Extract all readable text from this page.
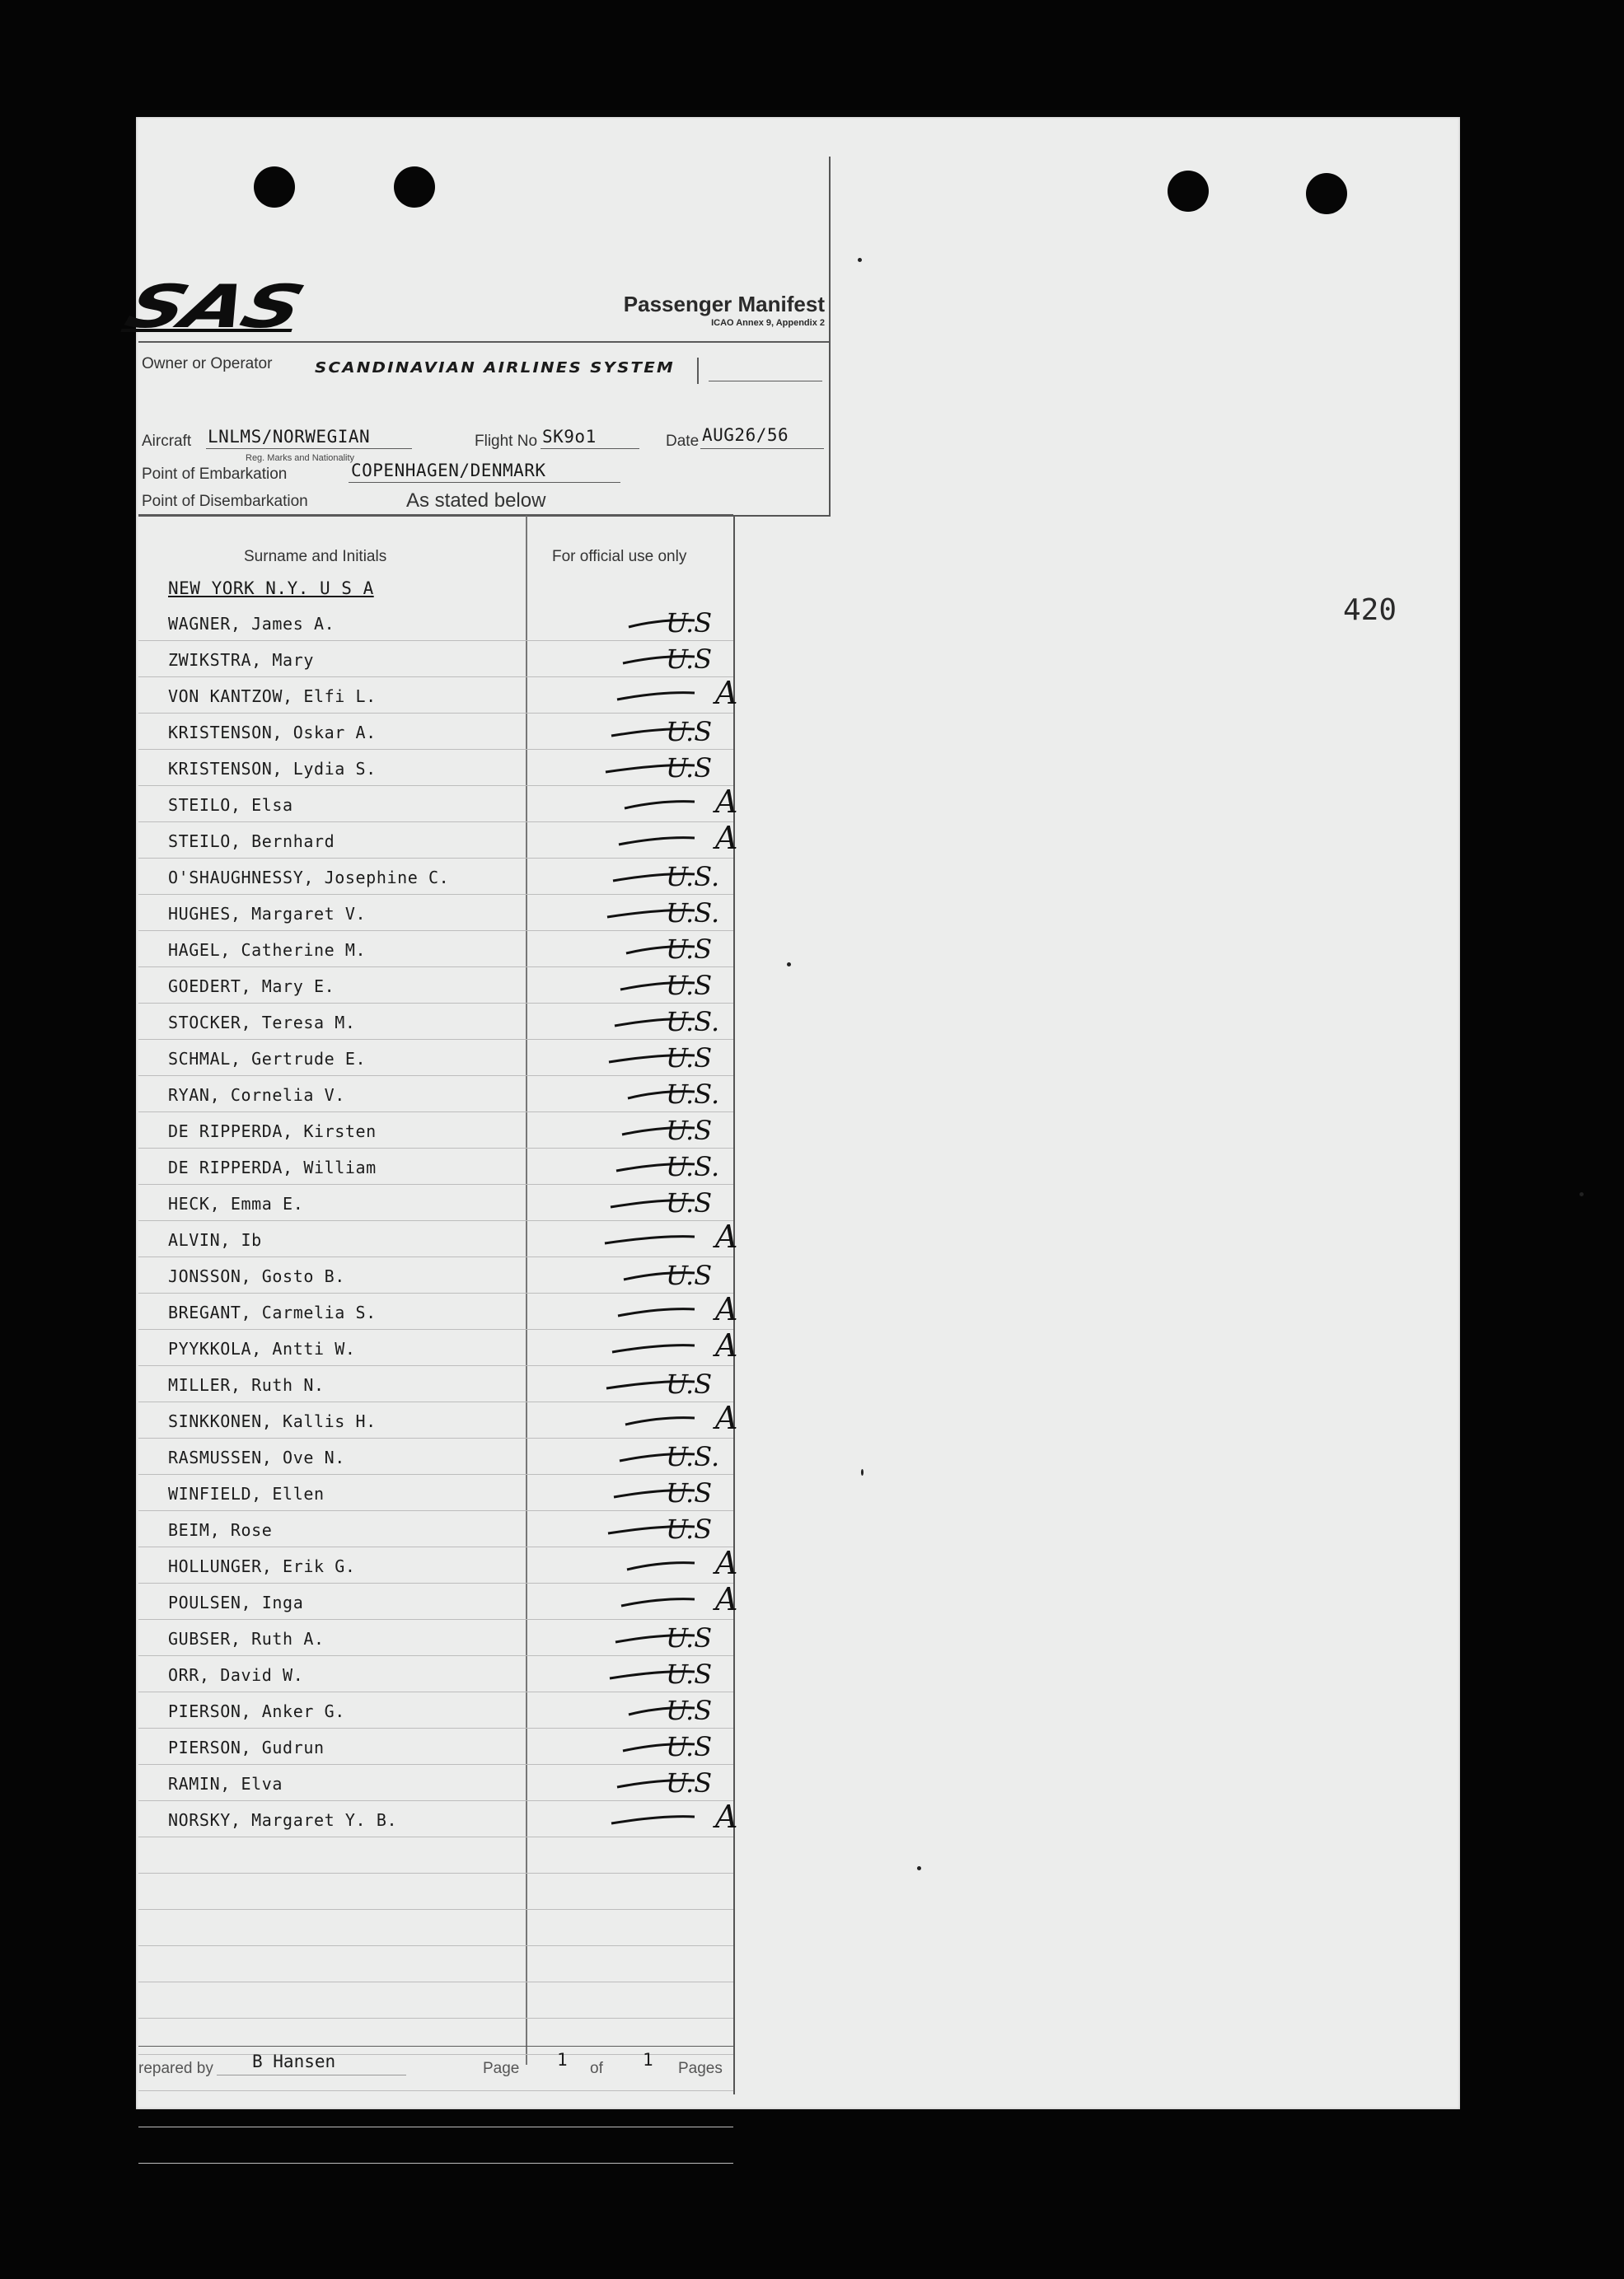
420
SAS	Passenger Manifest
ICAO Annex 9, Appendix 2
Owner or Operator	SCANDINAVIAN AIRLINES SYSTEM
Aircraft LNLMS/NORWEGIAN
Reg. Marks and Nationality
Flight No SK9o1	Date AUG26/56
Point of Embarkation	COPENHAGEN/DENMARK
Point of Disembarkation	As stated below
Surname and Initials	For official use only
NEW YORK N.Y. U S A
WAGNER, James A.	U.S
ZWIKSTRA, Mary	U.S
VON KANTZOW, Elfi L.	A
KRISTENSON, Oskar A.	U.S
KRISTENSON, Lydia S.	U.S
STEILO, Elsa	A
STEILO, Bernhard	A
O'SHAUGHNESSY, Josephine C.	U.S.
HUGHES, Margaret V.	U.S.
HAGEL, Catherine M.	U.S
GOEDERT, Mary E.	U.S
STOCKER, Teresa M.	U.S.
SCHMAL, Gertrude E.	U.S
RYAN, Cornelia V.	U.S.
DE RIPPERDA, Kirsten	U.S
DE RIPPERDA, William	U.S.
HECK, Emma E.	U.S
ALVIN, Ib	A
JONSSON, Gosto B.	U.S
BREGANT, Carmelia S.	A
PYYKKOLA, Antti W.	A
MILLER, Ruth N.	U.S
SINKKONEN, Kallis H.	A
RASMUSSEN, Ove N.	U.S.
WINFIELD, Ellen	U.S
BEIM, Rose	U.S
HOLLUNGER, Erik G.	A
POULSEN, Inga	A
GUBSER, Ruth A.	U.S
ORR, David W.	U.S
PIERSON, Anker G.	U.S
PIERSON, Gudrun	U.S
RAMIN, Elva	U.S
NORSKY, Margaret Y. B.	A
repared by B Hansen	Page 1 of 1 Pages
